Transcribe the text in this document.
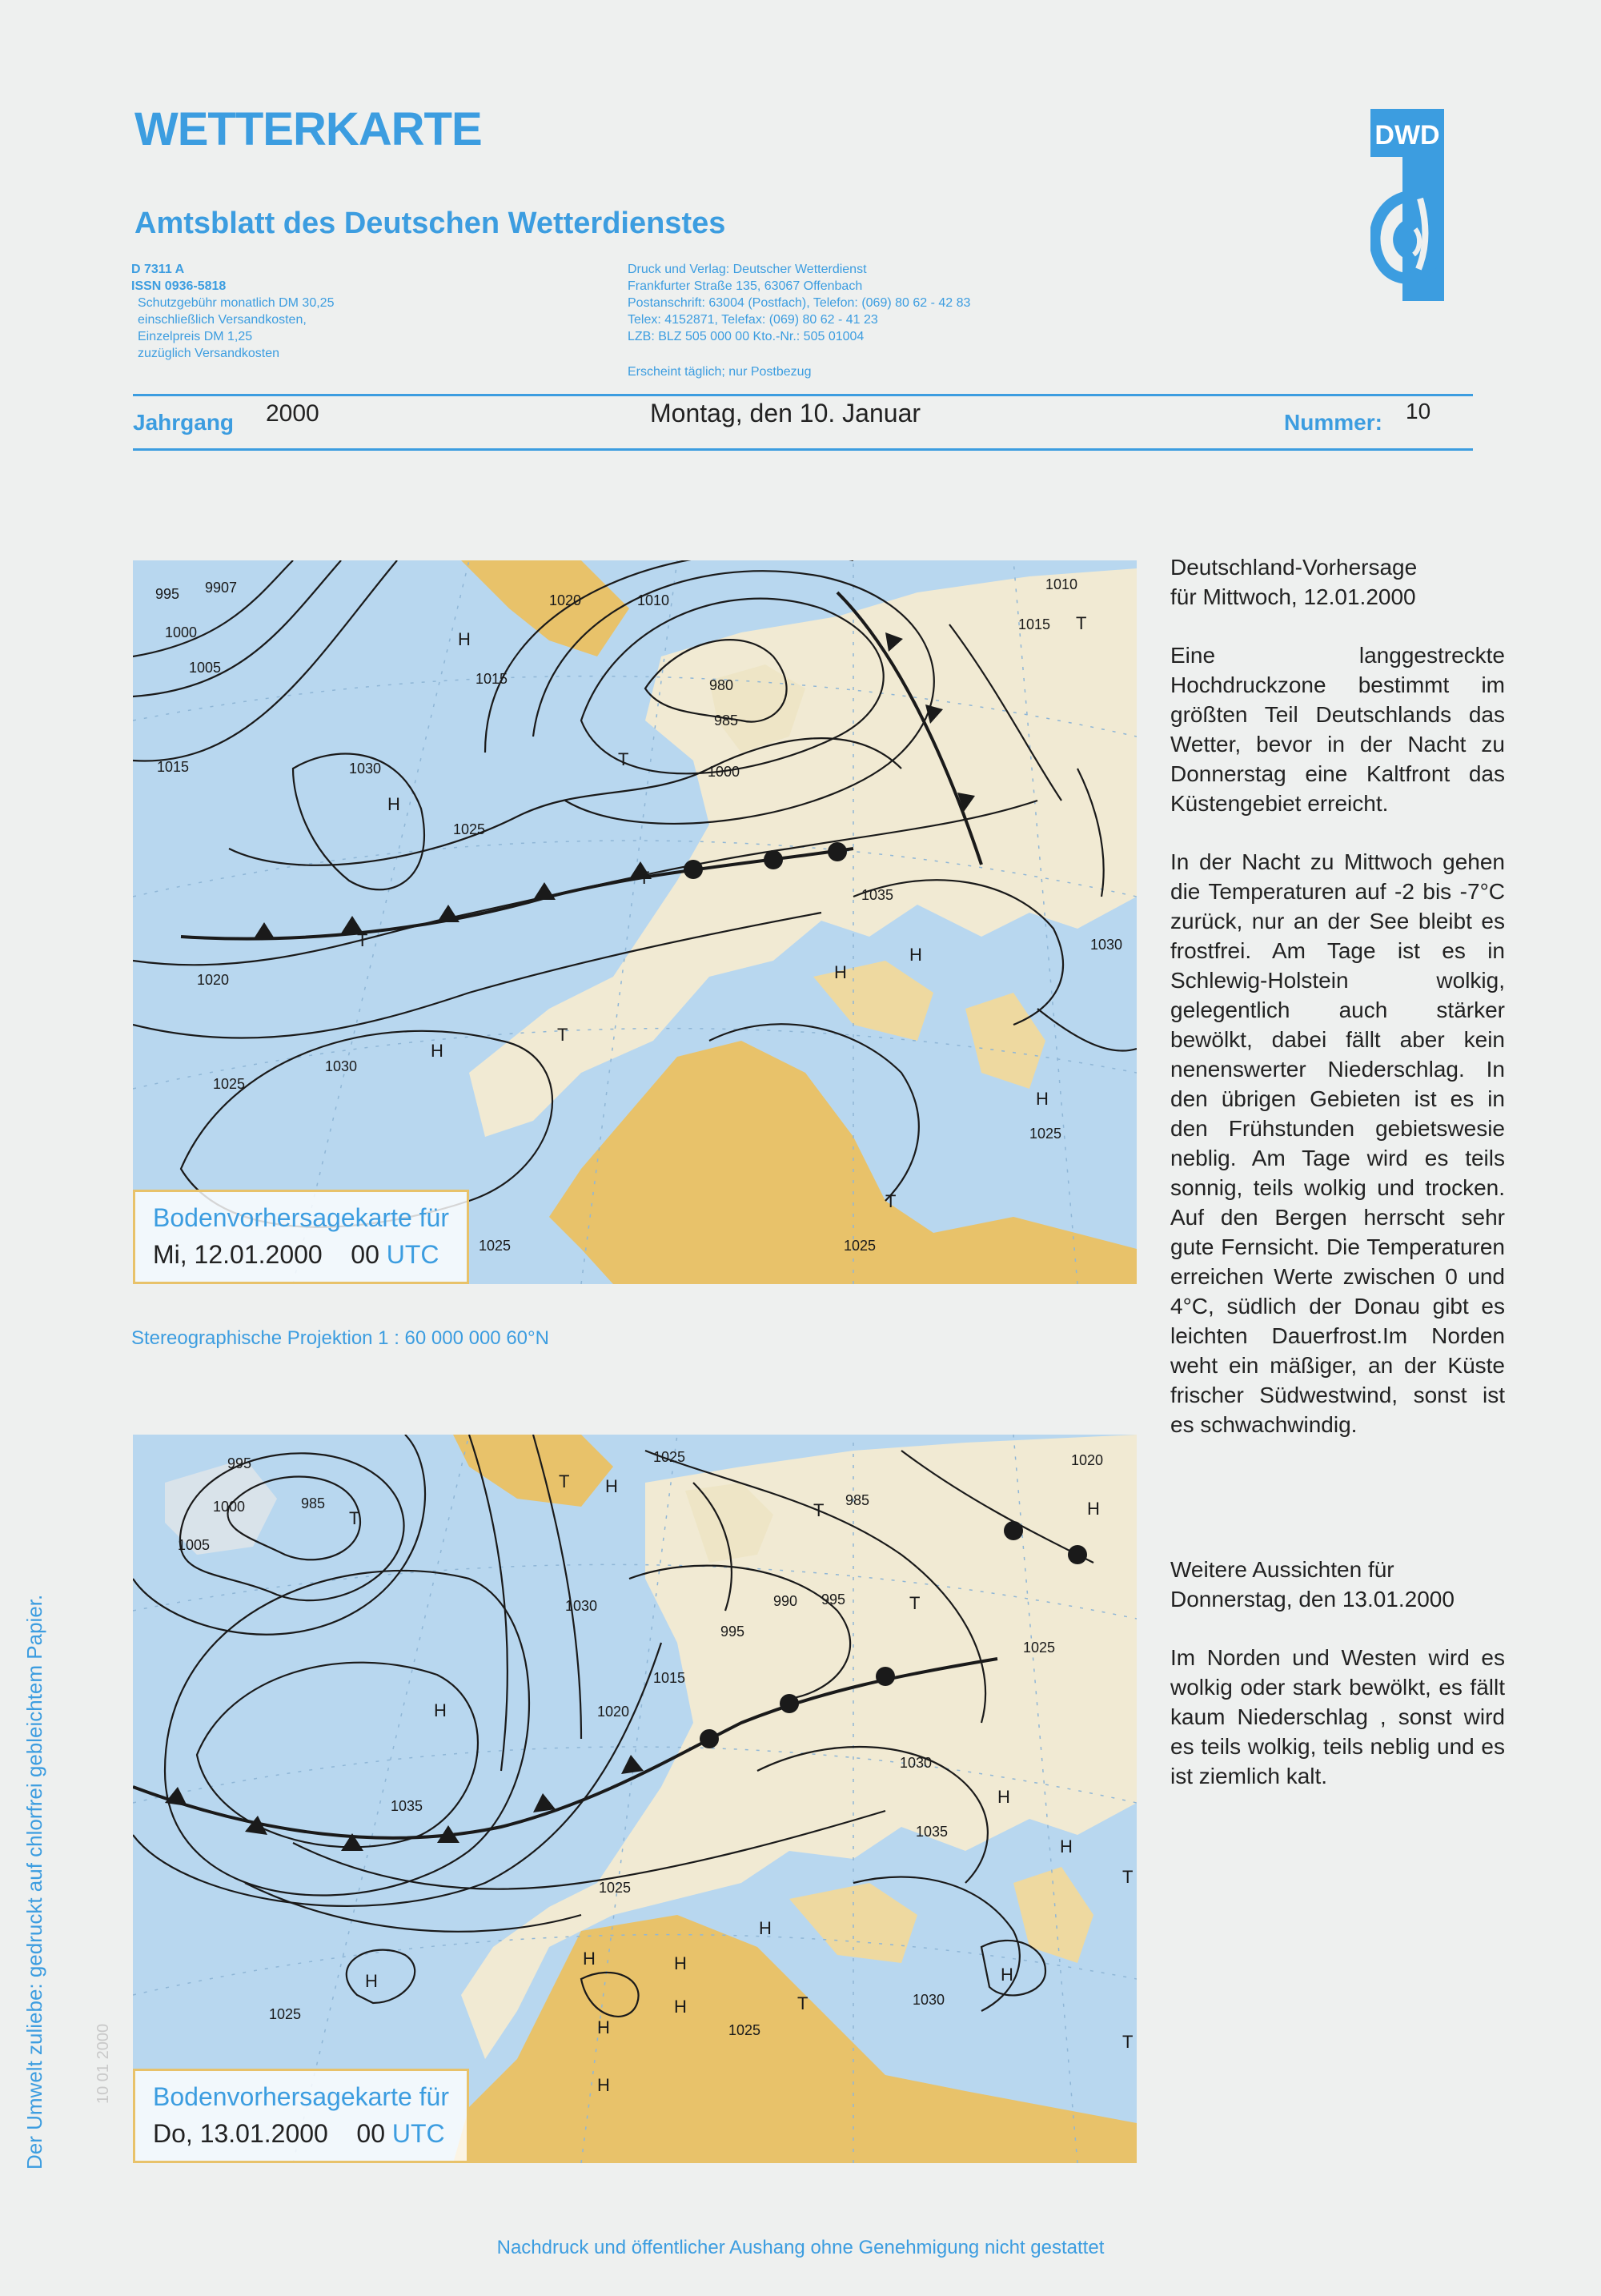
WETTERKARTE
Amtsblatt des Deutschen Wetterdienstes
D 7311 A
ISSN 0936-5818
Schutzgebühr monatlich DM 30,25
einschließlich Versandkosten,
Einzelpreis DM 1,25
zuzüglich Versandkosten
Druck und Verlag: Deutscher Wetterdienst
Frankfurter Straße 135, 63067 Offenbach
Postanschrift: 63004 (Postfach), Telefon: (069) 80 62 - 42 83
Telex: 4152871, Telefax: (069) 80 62 - 41 23
LZB: BLZ 505 000 00 Kto.-Nr.: 505 01004
Erscheint täglich; nur Postbezug
DWD
Jahrgang 2000	Montag, den 10. Januar	Nummer: 10
995 9907
1000
1005
1015	1030
H
1025
1020
1030
H
1025
H
1015
1020	1010
980
985
T
1000
T
T
1035
H
H	1030
T
H
1025
T
1010
1015 T
1025
1025
Bodenvorhersagekarte für
Mi, 12.01.2000 00 UTC
Stereographische Projektion 1 : 60 000 000 60°N
995
1000	985
1005
T
H
T
1025
T 985
1020
H
1030
H
1035
1015
1020
990 995
995
T
T
1025
1030
1035
H
H
1025
H
H	H
H	T	1030
1025
H
H
1025
H
H
T
T
Bodenvorhersagekarte für
Do, 13.01.2000 00 UTC

Deutschland-Vorhersage
für Mittwoch, 12.01.2000

Eine langgestreckte Hochdruckzone bestimmt im größten Teil Deutschlands das Wetter, bevor in der Nacht zu Donnerstag eine Kaltfront das Küstengebiet erreicht.

In der Nacht zu Mittwoch gehen die Temperaturen auf -2 bis -7°C zurück, nur an der See bleibt es frostfrei. Am Tage ist es in Schlewig-Holstein wolkig, gelegentlich auch stärker bewölkt, dabei fällt aber kein nenenswerter Niederschlag. In den übrigen Gebieten ist es in den Frühstunden gebietswesie neblig. Am Tage wird es teils sonnig, teils wolkig und trocken. Auf den Bergen herrscht sehr gute Fernsicht. Die Temperaturen erreichen Werte zwischen 0 und 4°C, südlich der Donau gibt es leichten Dauerfrost.Im Norden weht ein mäßiger, an der Küste frischer Südwestwind, sonst ist es schwachwindig.

Weitere Aussichten für
Donnerstag, den 13.01.2000

Im Norden und Westen wird es wolkig oder stark bewölkt, es fällt kaum Niederschlag , sonst wird es teils wolkig, teils neblig und es ist ziemlich kalt.

Der Umwelt zuliebe: gedruckt auf chlorfrei gebleichtem Papier.	10 01 2000
Nachdruck und öffentlicher Aushang ohne Genehmigung nicht gestattet
